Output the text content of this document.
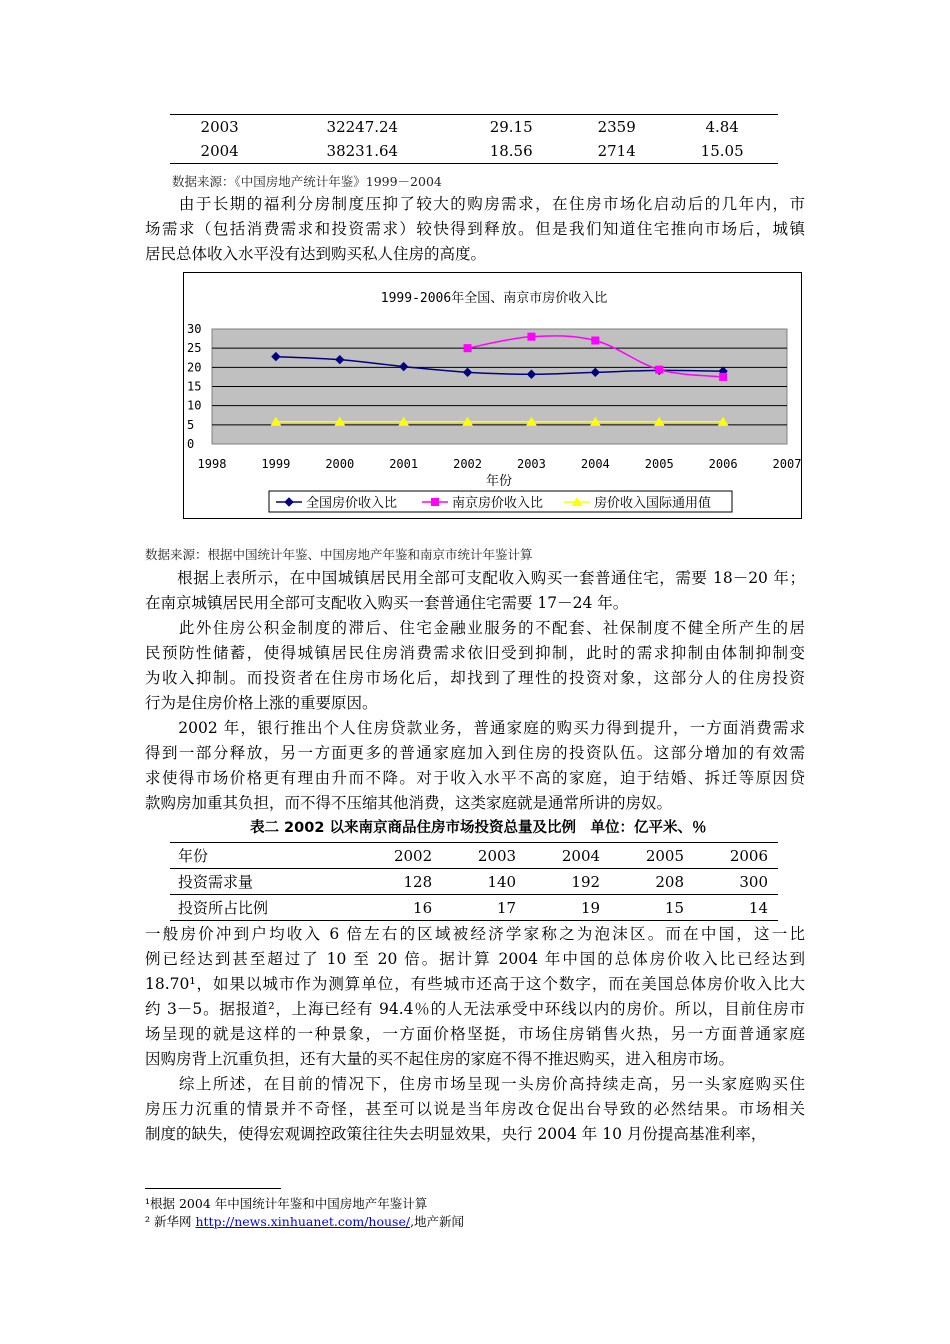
2003	32247.24	29.15	2359	4.84
2004	38231.64	18.56	2714	15.05
数据来源：《中国房地产统计年鉴》1999－2004
　　由于长期的福利分房制度压抑了较大的购房需求，在住房市场化启动后的几年内，市
场需求（包括消费需求和投资需求）较快得到释放。但是我们知道住宅推向市场后，城镇
居民总体收入水平没有达到购买私人住房的高度。
1999-2006年全国、南京市房价收入比
0
5
10
15
20
25
30
1998	1999	2000	2001	2002	2003	2004	2005	2006	2007
年份
全国房价收入比	南京房价收入比	房价收入国际通用值
数据来源：根据中国统计年鉴、中国房地产年鉴和南京市统计年鉴计算
　　根据上表所示，在中国城镇居民用全部可支配收入购买一套普通住宅，需要 18－20 年；
在南京城镇居民用全部可支配收入购买一套普通住宅需要 17－24 年。
　　此外住房公积金制度的滞后、住宅金融业服务的不配套、社保制度不健全所产生的居
民预防性储蓄，使得城镇居民住房消费需求依旧受到抑制，此时的需求抑制由体制抑制变
为收入抑制。而投资者在住房市场化后，却找到了理性的投资对象，这部分人的住房投资
行为是住房价格上涨的重要原因。
　　2002 年，银行推出个人住房贷款业务，普通家庭的购买力得到提升，一方面消费需求
得到一部分释放，另一方面更多的普通家庭加入到住房的投资队伍。这部分增加的有效需
求使得市场价格更有理由升而不降。对于收入水平不高的家庭，迫于结婚、拆迁等原因贷
款购房加重其负担，而不得不压缩其他消费，这类家庭就是通常所讲的房奴。
表二 2002 以来南京商品住房市场投资总量及比例　单位：亿平米、％
年份	2002	2003	2004	2005	2006
投资需求量	128	140	192	208	300
投资所占比例	16	17	19	15	14
一般房价冲到户均收入 6 倍左右的区域被经济学家称之为泡沫区。而在中国，这一比
例已经达到甚至超过了 10 至 20 倍。据计算 2004 年中国的总体房价收入比已经达到
18.70¹，如果以城市作为测算单位，有些城市还高于这个数字，而在美国总体房价收入比大
约 3－5。据报道²，上海已经有 94.4％的人无法承受中环线以内的房价。所以，目前住房市
场呈现的就是这样的一种景象，一方面价格坚挺，市场住房销售火热，另一方面普通家庭
因购房背上沉重负担，还有大量的买不起住房的家庭不得不推迟购买，进入租房市场。
　　综上所述，在目前的情况下，住房市场呈现一头房价高持续走高，另一头家庭购买住
房压力沉重的情景并不奇怪，甚至可以说是当年房改仓促出台导致的必然结果。市场相关
制度的缺失，使得宏观调控政策往往失去明显效果，央行 2004 年 10 月份提高基准利率，
¹根据 2004 年中国统计年鉴和中国房地产年鉴计算
² 新华网 http://news.xinhuanet.com/house/,地产新闻
